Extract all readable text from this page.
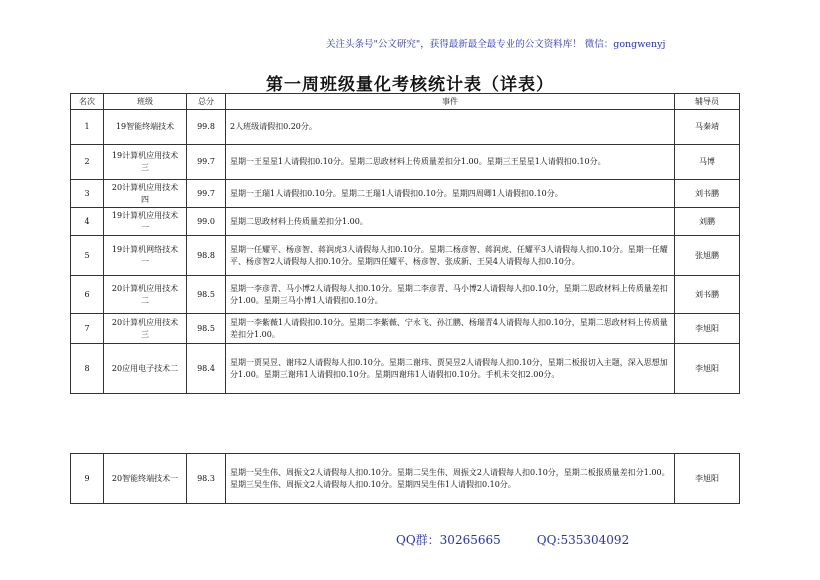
关注头条号"公文研究"，获得最新最全最专业的公文资料库！ 微信：gongwenyj
第一周班级量化考核统计表（详表）
名次	班级	总分	事件	辅导员
1	19智能终端技术	99.8	2人班级请假扣0.20分。	马秦靖
2	19计算机应用技术三	99.7	星期一王星星1人请假扣0.10分。星期二思政材料上传质量差扣分1.00。星期三王星星1人请假扣0.10分。	马博
3	20计算机应用技术四	99.7	星期一王瑞1人请假扣0.10分。星期二王瑞1人请假扣0.10分。星期四周卿1人请假扣0.10分。	刘书鹏
4	19计算机应用技术一	99.0	星期二思政材料上传质量差扣分1.00。	刘鹏
5	19计算机网络技术一	98.8	星期一任耀平、杨彦智、蒋润虎3人请假每人扣0.10分。星期二杨彦智、蒋润虎、任耀平3人请假每人扣0.10分。星期一任耀平、杨彦智2人请假每人扣0.10分。星期四任耀平、杨彦智、张成新、王昊4人请假每人扣0.10分。	张旭鹏
6	20计算机应用技术二	98.5	星期一李彦青、马小博2人请假每人扣0.10分。星期二李彦青、马小博2人请假每人扣0.10分，星期二思政材料上传质量差扣分1.00。星期三马小博1人请假扣0.10分。	刘书鹏
7	20计算机应用技术三	98.5	星期一李紫薇1人请假扣0.10分。星期二李紫薇、宁永飞、孙江鹏、杨瑞青4人请假每人扣0.10分，星期二思政材料上传质量差扣分1.00。	李旭阳
8	20应用电子技术二	98.4	星期一贾昊昱、谢玮2人请假每人扣0.10分。星期二谢玮、贾昊昱2人请假每人扣0.10分，星期二板报切入主题，深入思想加分1.00。星期三谢玮1人请假扣0.10分。星期四谢玮1人请假扣0.10分。手机未交扣2.00分。	李旭阳
9	20智能终端技术一	98.3	星期一吴生伟、周振文2人请假每人扣0.10分。星期二吴生伟、周振文2人请假每人扣0.10分，星期二板报质量差扣分1.00。星期三吴生伟、周振文2人请假每人扣0.10分。星期四吴生伟1人请假扣0.10分。	李旭阳
QQ群：30265665	QQ:535304092
